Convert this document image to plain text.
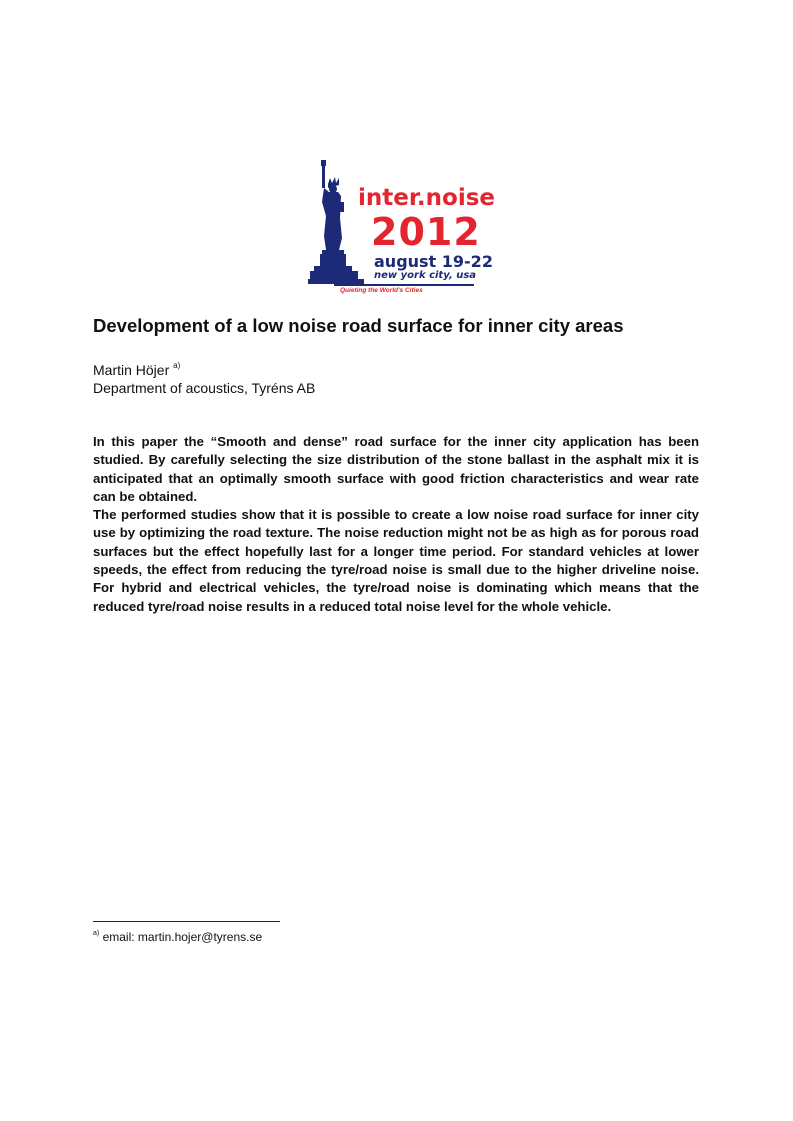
inter.noise
2012
august 19-22
new york city, usa
Quieting the World's Cities
Development of a low noise road surface for inner city areas
Martin Höjer $^{a)}$
Department of acoustics, Tyréns AB

In this paper the “Smooth and dense” road surface for the inner city application has been studied. By carefully selecting the size distribution of the stone ballast in the asphalt mix it is anticipated that an optimally smooth surface with good friction characteristics and wear rate can be obtained.

The performed studies show that it is possible to create a low noise road surface for inner city use by optimizing the road texture. The noise reduction might not be as high as for porous road surfaces but the effect hopefully last for a longer time period. For standard vehicles at lower speeds, the effect from reducing the tyre/road noise is small due to the higher driveline noise. For hybrid and electrical vehicles, the tyre/road noise is dominating which means that the reduced tyre/road noise results in a reduced total noise level for the whole vehicle.

$^{a)}$ email: martin.hojer@tyrens.se
